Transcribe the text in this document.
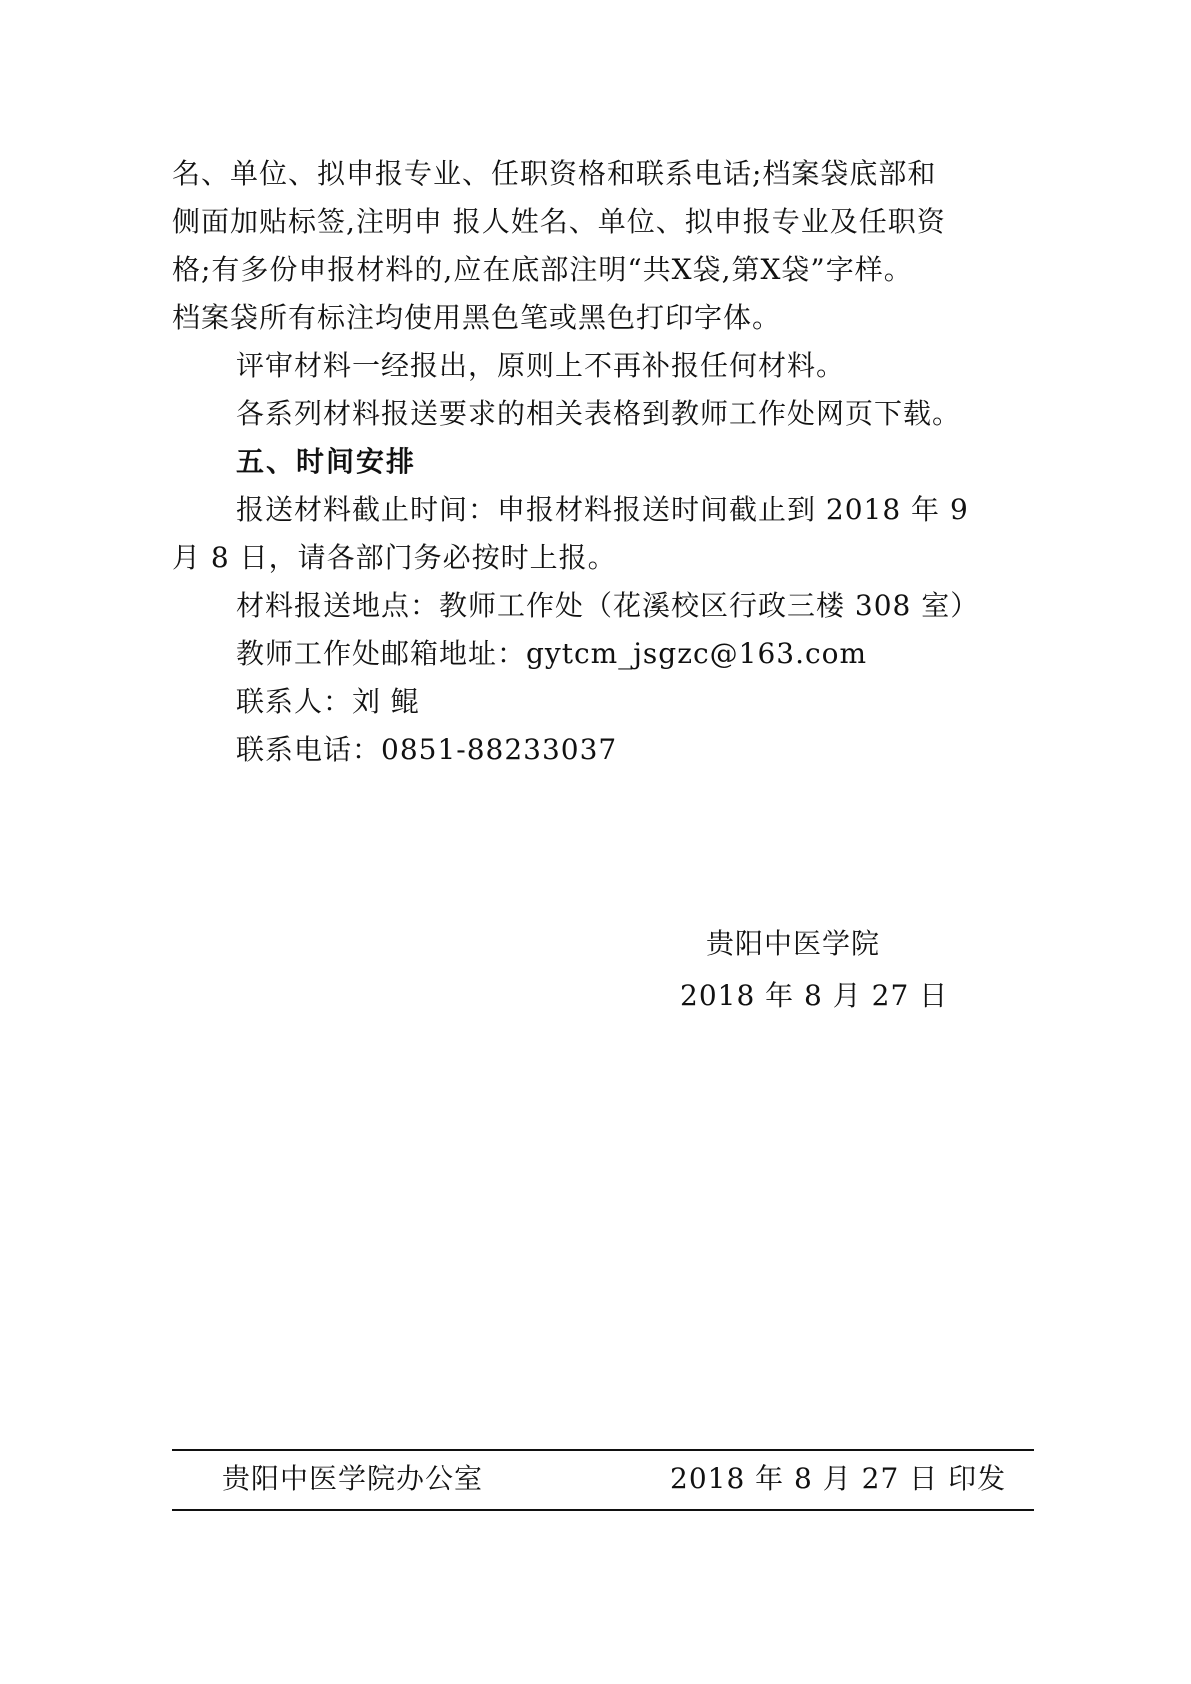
名、单位、拟申报专业、任职资格和联系电话;档案袋底部和

侧面加贴标签,注明申 报人姓名、单位、拟申报专业及任职资

格;有多份申报材料的,应在底部注明“共X袋,第X袋”字样。

档案袋所有标注均使用黑色笔或黑色打印字体。

评审材料一经报出，原则上不再补报任何材料。

各系列材料报送要求的相关表格到教师工作处网页下载。

五、时间安排

报送材料截止时间：申报材料报送时间截止到 2018 年 9

月 8 日，请各部门务必按时上报。

材料报送地点：教师工作处（花溪校区行政三楼 308 室）

教师工作处邮箱地址：gytcm_jsgzc@163.com

联系人：刘 鲲

联系电话：0851-88233037

贵阳中医学院
2018 年 8 月 27 日
贵阳中医学院办公室	2018 年 8 月 27 日 印发
